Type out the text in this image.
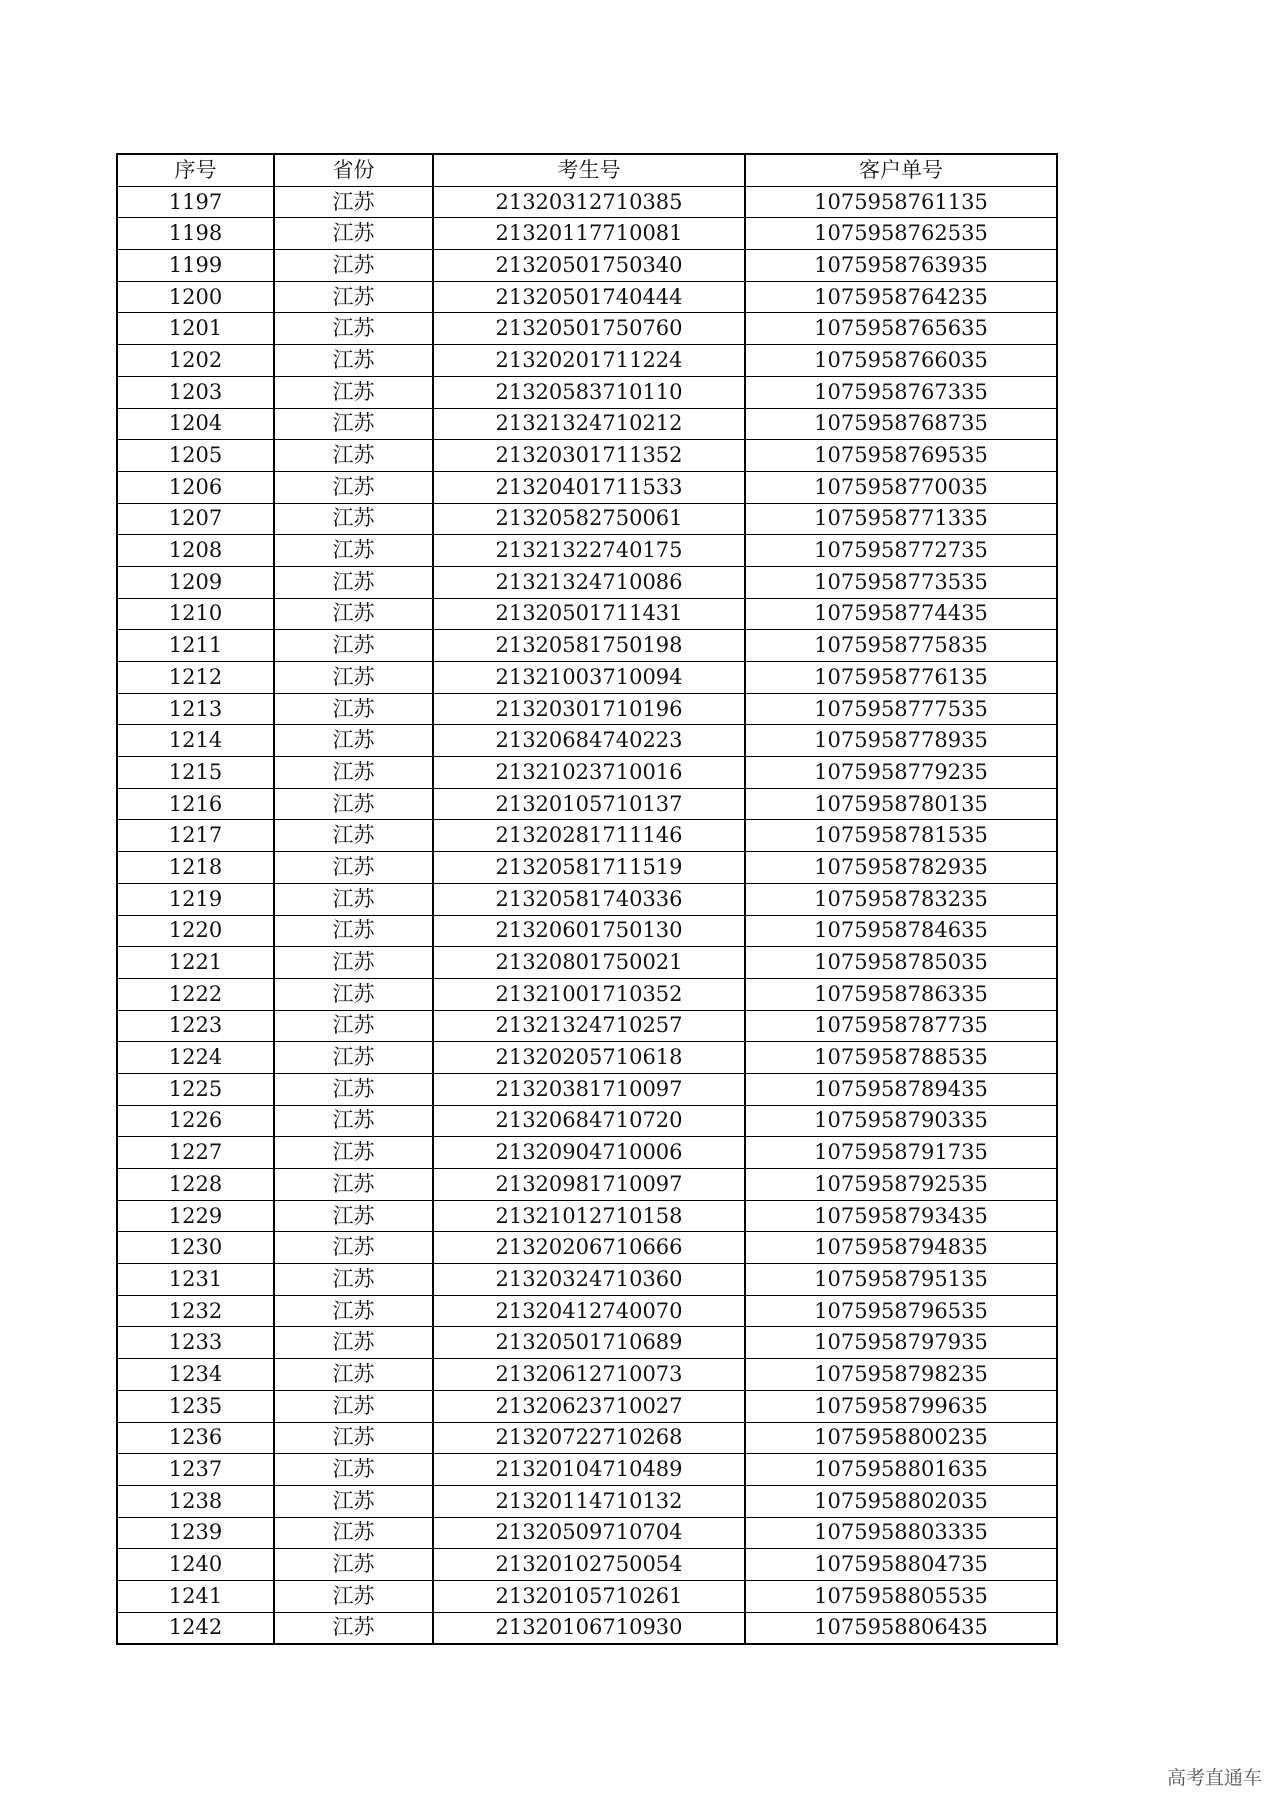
序号	省份	考生号	客户单号
1197	江苏	21320312710385	1075958761135
1198	江苏	21320117710081	1075958762535
1199	江苏	21320501750340	1075958763935
1200	江苏	21320501740444	1075958764235
1201	江苏	21320501750760	1075958765635
1202	江苏	21320201711224	1075958766035
1203	江苏	21320583710110	1075958767335
1204	江苏	21321324710212	1075958768735
1205	江苏	21320301711352	1075958769535
1206	江苏	21320401711533	1075958770035
1207	江苏	21320582750061	1075958771335
1208	江苏	21321322740175	1075958772735
1209	江苏	21321324710086	1075958773535
1210	江苏	21320501711431	1075958774435
1211	江苏	21320581750198	1075958775835
1212	江苏	21321003710094	1075958776135
1213	江苏	21320301710196	1075958777535
1214	江苏	21320684740223	1075958778935
1215	江苏	21321023710016	1075958779235
1216	江苏	21320105710137	1075958780135
1217	江苏	21320281711146	1075958781535
1218	江苏	21320581711519	1075958782935
1219	江苏	21320581740336	1075958783235
1220	江苏	21320601750130	1075958784635
1221	江苏	21320801750021	1075958785035
1222	江苏	21321001710352	1075958786335
1223	江苏	21321324710257	1075958787735
1224	江苏	21320205710618	1075958788535
1225	江苏	21320381710097	1075958789435
1226	江苏	21320684710720	1075958790335
1227	江苏	21320904710006	1075958791735
1228	江苏	21320981710097	1075958792535
1229	江苏	21321012710158	1075958793435
1230	江苏	21320206710666	1075958794835
1231	江苏	21320324710360	1075958795135
1232	江苏	21320412740070	1075958796535
1233	江苏	21320501710689	1075958797935
1234	江苏	21320612710073	1075958798235
1235	江苏	21320623710027	1075958799635
1236	江苏	21320722710268	1075958800235
1237	江苏	21320104710489	1075958801635
1238	江苏	21320114710132	1075958802035
1239	江苏	21320509710704	1075958803335
1240	江苏	21320102750054	1075958804735
1241	江苏	21320105710261	1075958805535
1242	江苏	21320106710930	1075958806435
高考直通车
